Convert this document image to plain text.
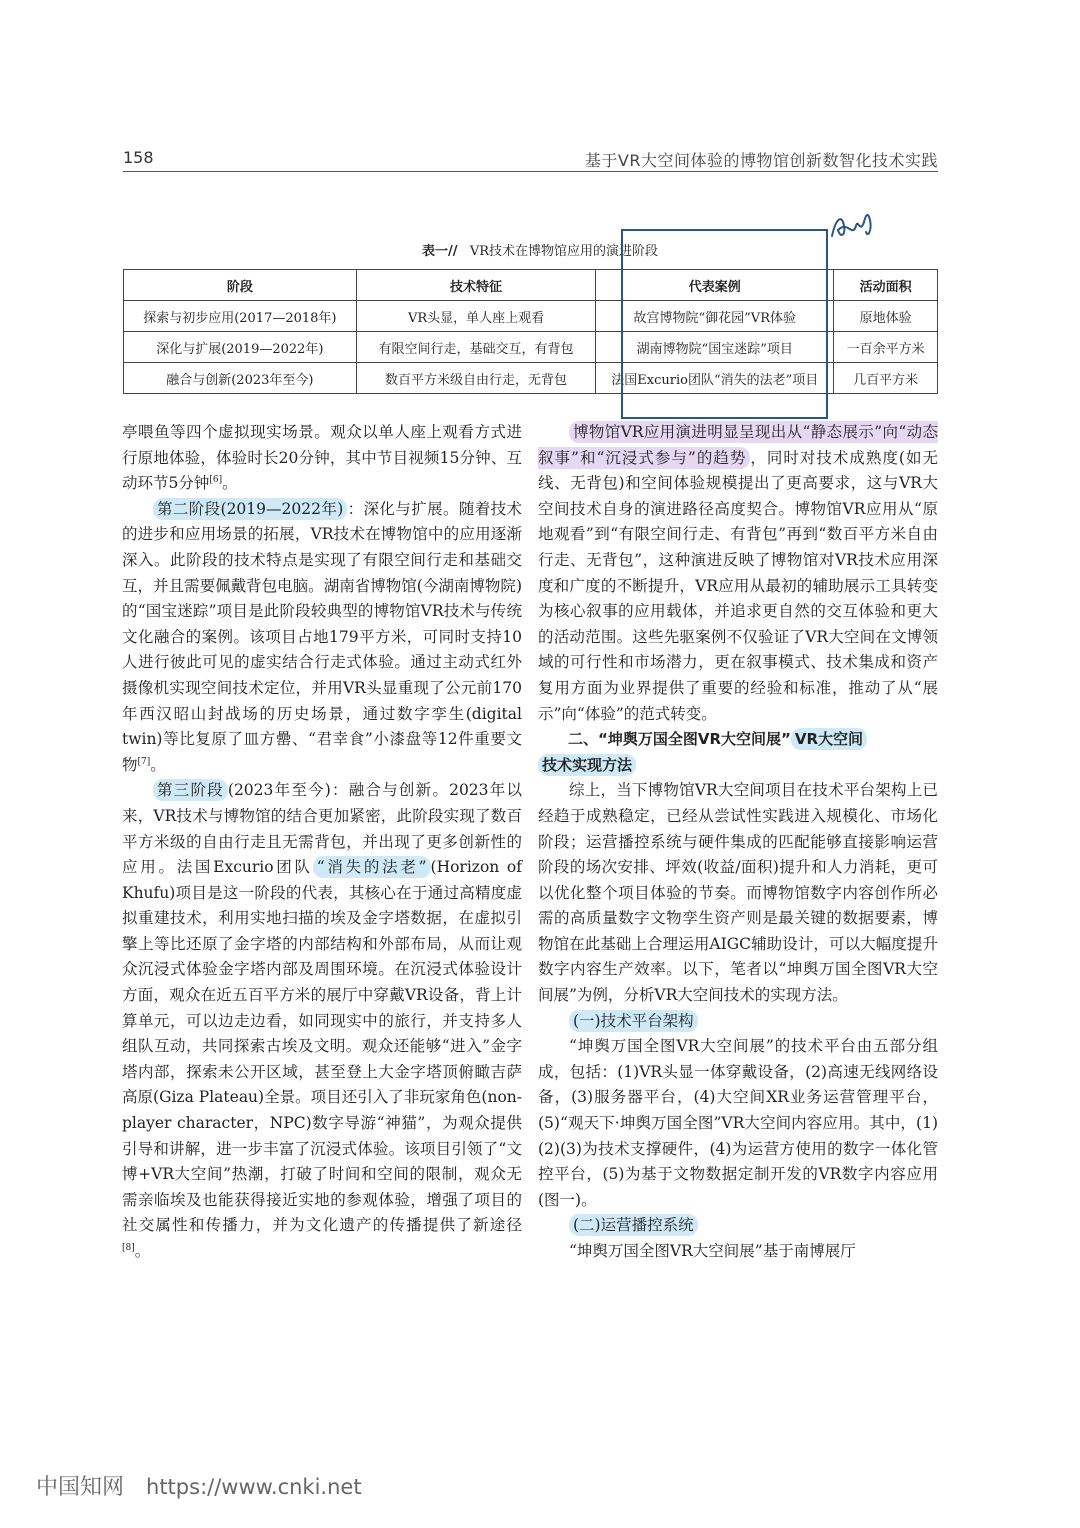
158	基于VR大空间体验的博物馆创新数智化技术实践
表一// VR技术在博物馆应用的演进阶段
阶段	技术特征	代表案例	活动面积
探索与初步应用(2017—2018年)	VR头显，单人座上观看	故宫博物院“御花园”VR体验	原地体验
深化与扩展(2019—2022年)	有限空间行走，基础交互，有背包	湖南博物院“国宝迷踪”项目	一百余平方米
融合与创新(2023年至今)	数百平方米级自由行走，无背包	法国Excurio团队“消失的法老”项目	几百平方米

亭喂鱼等四个虚拟现实场景。观众以单人座上观看方式进行原地体验，体验时长20分钟，其中节目视频15分钟、互动环节5分钟[6]。

第二阶段(2019—2022年) ：深化与扩展。随着技术的进步和应用场景的拓展，VR技术在博物馆中的应用逐渐深入。此阶段的技术特点是实现了有限空间行走和基础交互，并且需要佩戴背包电脑。湖南省博物馆(今湖南博物院)的“国宝迷踪”项目是此阶段较典型的博物馆VR技术与传统文化融合的案例。该项目占地179平方米，可同时支持10人进行彼此可见的虚实结合行走式体验。通过主动式红外摄像机实现空间技术定位，并用VR头显重现了公元前170年西汉昭山封战场的历史场景，通过数字孪生(digital twin)等比复原了皿方罍、“君幸食”小漆盘等12件重要文物[7]。

第三阶段 (2023年至今)：融合与创新。2023年以来，VR技术与博物馆的结合更加紧密，此阶段实现了数百平方米级的自由行走且无需背包，并出现了更多创新性的应用。法国Excurio团队 “消失的法老” (Horizon of Khufu)项目是这一阶段的代表，其核心在于通过高精度虚拟重建技术，利用实地扫描的埃及金字塔数据，在虚拟引擎上等比还原了金字塔的内部结构和外部布局，从而让观众沉浸式体验金字塔内部及周围环境。在沉浸式体验设计方面，观众在近五百平方米的展厅中穿戴VR设备，背上计算单元，可以边走边看，如同现实中的旅行，并支持多人组队互动，共同探索古埃及文明。观众还能够“进入”金字塔内部，探索未公开区域，甚至登上大金字塔顶俯瞰吉萨高原(Giza Plateau)全景。项目还引入了非玩家角色(non-player character，NPC)数字导游“神猫”，为观众提供引导和讲解，进一步丰富了沉浸式体验。该项目引领了“文博+VR大空间”热潮，打破了时间和空间的限制，观众无需亲临埃及也能获得接近实地的参观体验，增强了项目的社交属性和传播力，并为文化遗产的传播提供了新途径[8]。

博物馆VR应用演进明显呈现出从“静态展示”向“动态叙事”和“沉浸式参与”的趋势 ，同时对技术成熟度(如无线、无背包)和空间体验规模提出了更高要求，这与VR大空间技术自身的演进路径高度契合。博物馆VR应用从“原地观看”到“有限空间行走、有背包”再到“数百平方米自由行走、无背包”，这种演进反映了博物馆对VR技术应用深度和广度的不断提升，VR应用从最初的辅助展示工具转变为核心叙事的应用载体，并追求更自然的交互体验和更大的活动范围。这些先驱案例不仅验证了VR大空间在文博领域的可行性和市场潜力，更在叙事模式、技术集成和资产复用方面为业界提供了重要的经验和标准，推动了从“展示”向“体验”的范式转变。

二、“坤舆万国全图VR大空间展” VR大空间
技术实现方法

综上，当下博物馆VR大空间项目在技术平台架构上已经趋于成熟稳定，已经从尝试性实践进入规模化、市场化阶段；运营播控系统与硬件集成的匹配能够直接影响运营阶段的场次安排、坪效(收益/面积)提升和人力消耗，更可以优化整个项目体验的节奏。而博物馆数字内容创作所必需的高质量数字文物孪生资产则是最关键的数据要素，博物馆在此基础上合理运用AIGC辅助设计，可以大幅度提升数字内容生产效率。以下，笔者以“坤舆万国全图VR大空间展”为例，分析VR大空间技术的实现方法。

(一)技术平台架构

“坤舆万国全图VR大空间展”的技术平台由五部分组成，包括：(1)VR头显一体穿戴设备，(2)高速无线网络设备，(3)服务器平台，(4)大空间XR业务运营管理平台，(5)“观天下·坤舆万国全图”VR大空间内容应用。其中，(1)(2)(3)为技术支撑硬件，(4)为运营方使用的数字一体化管控平台，(5)为基于文物数据定制开发的VR数字内容应用(图一)。

(二)运营播控系统

“坤舆万国全图VR大空间展”基于南博展厅

中国知网 https://www.cnki.net
